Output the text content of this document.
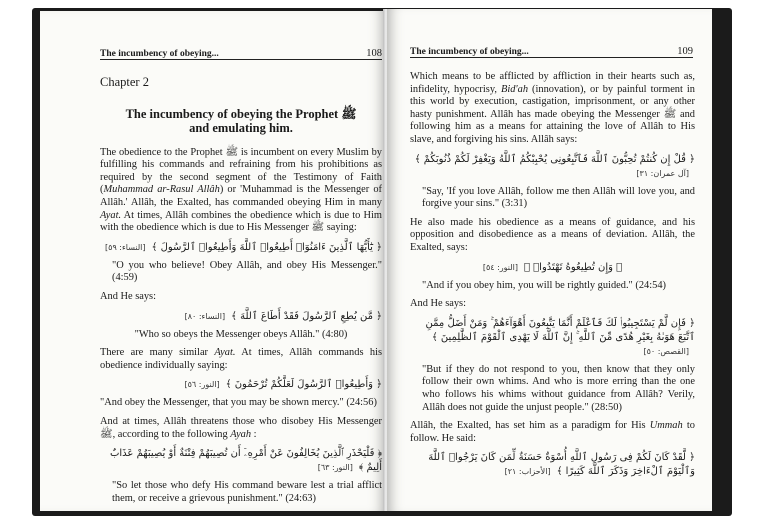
The incumbency of obeying...	108
Chapter 2
The incumbency of obeying the Prophet ﷺ
and emulating him.

The obedience to the Prophet ﷺ is incumbent on every Muslim by fulfilling his commands and refraining from his prohibitions as required by the second segment of the Testimony of Faith (Muhammad ar-Rasul Allâh) or 'Muhammad is the Messenger of Allâh.' Allâh, the Exalted, has commanded obeying Him in many Ayat. At times, Allâh combines the obedience which is due to Him with the obedience which is due to His Messenger ﷺ saying:

﴿ يَٰٓأَيُّهَا ٱلَّذِينَ ءَامَنُوٓا۟ أَطِيعُوا۟ ٱللَّهَ وَأَطِيعُوا۟ ٱلرَّسُولَ ﴾[النساء: ٥٩]

"O you who believe! Obey Allâh, and obey His Messenger." (4:59)

And He says:

﴿ مَّن يُطِعِ ٱلرَّسُولَ فَقَدْ أَطَاعَ ٱللَّهَ ﴾[النساء: ٨٠]

"Who so obeys the Messenger obeys Allâh." (4:80)

There are many similar Ayat. At times, Allâh commands his obedience individually saying:

﴿ وَأَطِيعُوا۟ ٱلرَّسُولَ لَعَلَّكُمْ تُرْحَمُونَ ﴾[النور: ٥٦]

"And obey the Messenger, that you may be shown mercy." (24:56)

And at times, Allâh threatens those who disobey His Messenger ﷺ, according to the following Ayah :

﴿ فَلْيَحْذَرِ ٱلَّذِينَ يُخَالِفُونَ عَنْ أَمْرِهِۦٓ أَن تُصِيبَهُمْ فِتْنَةٌ أَوْ يُصِيبَهُمْ عَذَابٌ أَلِيمٌ ﴾[النور: ٦٣]

"So let those who defy His command beware lest a trial afflict them, or receive a grievous punishment." (24:63)

The incumbency of obeying...	109

Which means to be afflicted by affliction in their hearts such as, infidelity, hypocrisy, Bid'ah (innovation), or by painful torment in this world by execution, castigation, imprisonment, or any other hasty punishment. Allâh has made obeying the Messenger ﷺ and following him as a means for attaining the love of Allâh to His slave, and forgiving his sins. Allâh says:

﴿ قُلْ إِن كُنتُمْ تُحِبُّونَ ٱللَّهَ فَٱتَّبِعُونِى يُحْبِبْكُمُ ٱللَّهُ وَيَغْفِرْ لَكُمْ ذُنُوبَكُمْ ﴾
[آل عمران: ٣١]

"Say, 'If you love Allâh, follow me then Allâh will love you, and forgive your sins." (3:31)

He also made his obedience as a means of guidance, and his opposition and disobedience as a means of deviation. Allâh, the Exalted, says:

﴿ وَإِن تُطِيعُوهُ تَهْتَدُوا۟ ﴾[النور: ٥٤]

"And if you obey him, you will be rightly guided." (24:54)

And He says:

﴿ فَإِن لَّمْ يَسْتَجِيبُوا۟ لَكَ فَٱعْلَمْ أَنَّمَا يَتَّبِعُونَ أَهْوَآءَهُمْ ۚ وَمَنْ أَضَلُّ مِمَّنِ ٱتَّبَعَ هَوَىٰهُ بِغَيْرِ هُدًى مِّنَ ٱللَّهِ ۚ إِنَّ ٱللَّهَ لَا يَهْدِى ٱلْقَوْمَ ٱلظَّٰلِمِينَ ﴾[القصص: ٥٠]

"But if they do not respond to you, then know that they only follow their own whims. And who is more erring than the one who follows his whims without guidance from Allâh? Verily, Allâh does not guide the unjust people." (28:50)

Allâh, the Exalted, has set him as a paradigm for His Ummah to follow. He said:

﴿ لَّقَدْ كَانَ لَكُمْ فِى رَسُولِ ٱللَّهِ أُسْوَةٌ حَسَنَةٌ لِّمَن كَانَ يَرْجُوا۟ ٱللَّهَ وَٱلْيَوْمَ ٱلْءَاخِرَ وَذَكَرَ ٱللَّهَ كَثِيرًا ﴾[الأحزاب: ٢١]
